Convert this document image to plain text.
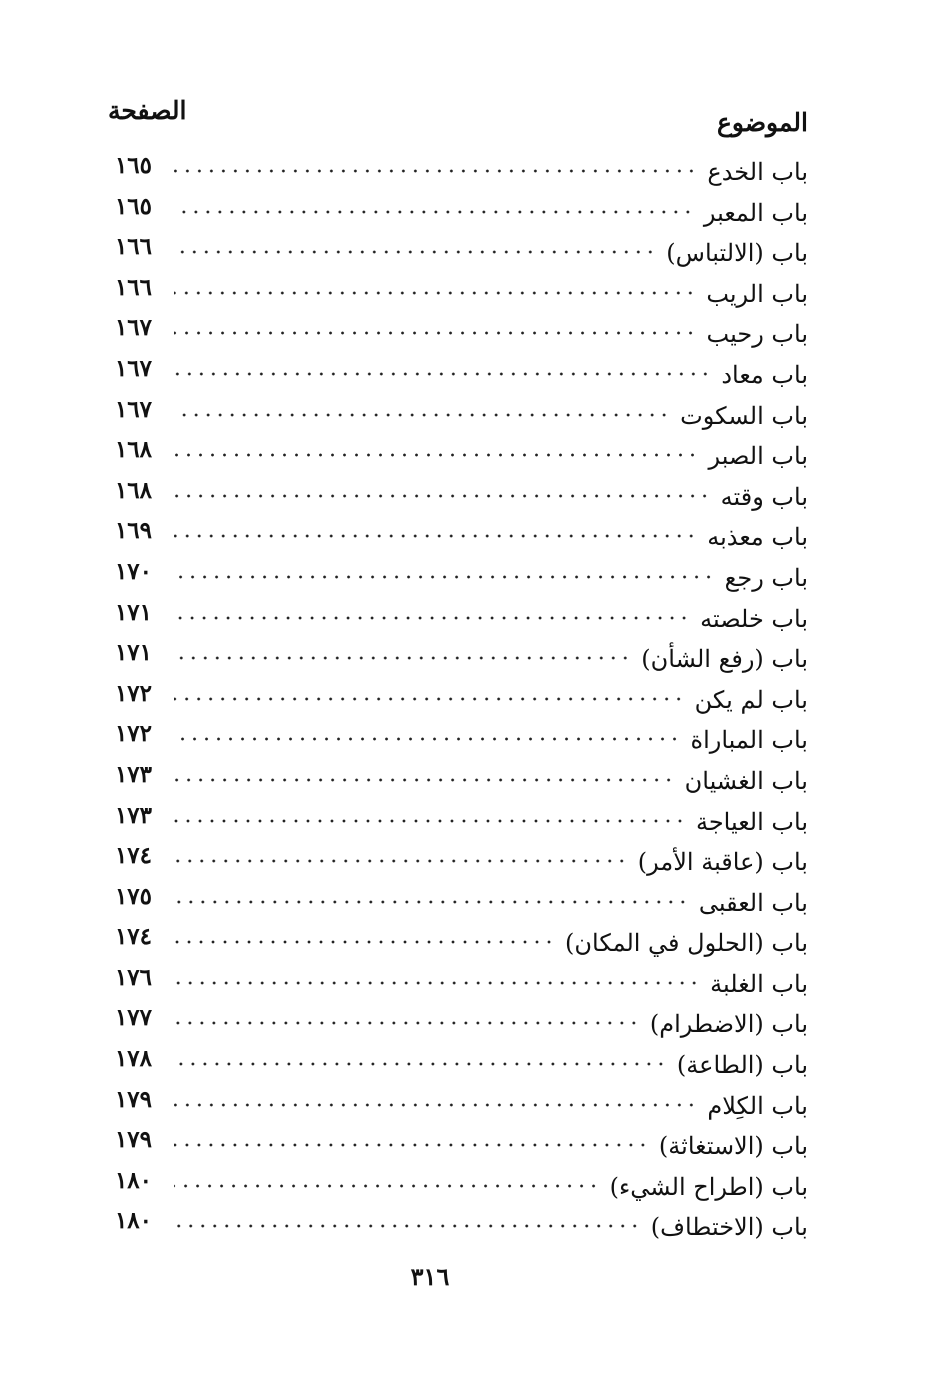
الموضوع
الصفحة
باب الخدع
١٦٥
باب المعبر
١٦٥
باب (الالتباس)
١٦٦
باب الريب
١٦٦
باب رحيب
١٦٧
باب معاد
١٦٧
باب السكوت
١٦٧
باب الصبر
١٦٨
باب وقته
١٦٨
باب معذبه
١٦٩
باب رجع
١٧٠
باب خلصته
١٧١
باب (رفع الشأن)
١٧١
باب لم يكن
١٧٢
باب المباراة
١٧٢
باب الغشيان
١٧٣
باب العياجة
١٧٣
باب (عاقبة الأمر)
١٧٤
باب العقبى
١٧٥
باب (الحلول في المكان)
١٧٤
باب الغلبة
١٧٦
باب (الاضطرام)
١٧٧
باب (الطاعة)
١٧٨
باب الكِلام
١٧٩
باب (الاستغاثة)
١٧٩
باب (اطراح الشيء)
١٨٠
باب (الاختطاف)
١٨٠
٣١٦
